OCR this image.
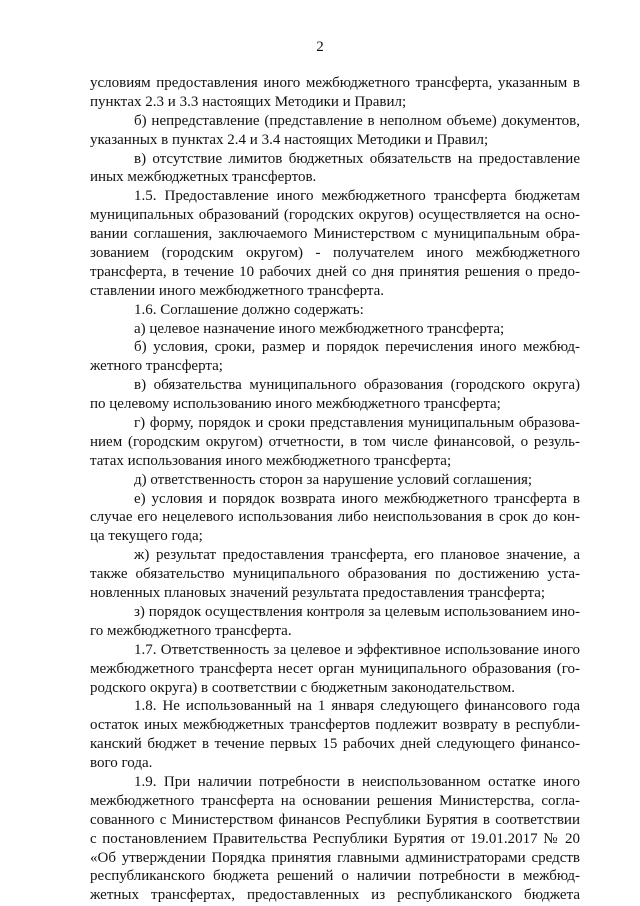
2
условиям предоставления иного межбюджетного трансферта, указанным в
пунктах 2.3 и 3.3 настоящих Методики и Правил;
б) непредставление (представление в неполном объеме) документов,
указанных в пунктах 2.4 и 3.4 настоящих Методики и Правил;
в) отсутствие лимитов бюджетных обязательств на предоставление
иных межбюджетных трансфертов.
1.5. Предоставление иного межбюджетного трансферта бюджетам
муниципальных образований (городских округов) осуществляется на осно-
вании соглашения, заключаемого Министерством с муниципальным обра-
зованием (городским округом) - получателем иного межбюджетного
трансферта, в течение 10 рабочих дней со дня принятия решения о предо-
ставлении иного межбюджетного трансферта.
1.6. Соглашение должно содержать:
а) целевое назначение иного межбюджетного трансферта;
б) условия, сроки, размер и порядок перечисления иного межбюд-
жетного трансферта;
в) обязательства муниципального образования (городского округа)
по целевому использованию иного межбюджетного трансферта;
г) форму, порядок и сроки представления муниципальным образова-
нием (городским округом) отчетности, в том числе финансовой, о резуль-
татах использования иного межбюджетного трансферта;
д) ответственность сторон за нарушение условий соглашения;
е) условия и порядок возврата иного межбюджетного трансферта в
случае его нецелевого использования либо неиспользования в срок до кон-
ца текущего года;
ж) результат предоставления трансферта, его плановое значение, а
также обязательство муниципального образования по достижению уста-
новленных плановых значений результата предоставления трансферта;
з) порядок осуществления контроля за целевым использованием ино-
го межбюджетного трансферта.
1.7. Ответственность за целевое и эффективное использование иного
межбюджетного трансферта несет орган муниципального образования (го-
родского округа) в соответствии с бюджетным законодательством.
1.8. Не использованный на 1 января следующего финансового года
остаток иных межбюджетных трансфертов подлежит возврату в республи-
канский бюджет в течение первых 15 рабочих дней следующего финансо-
вого года.
1.9. При наличии потребности в неиспользованном остатке иного
межбюджетного трансферта на основании решения Министерства, согла-
сованного с Министерством финансов Республики Бурятия в соответствии
с постановлением Правительства Республики Бурятия от 19.01.2017 № 20
«Об утверждении Порядка принятия главными администраторами средств
республиканского бюджета решений о наличии потребности в межбюд-
жетных трансфертах, предоставленных из республиканского бюджета
